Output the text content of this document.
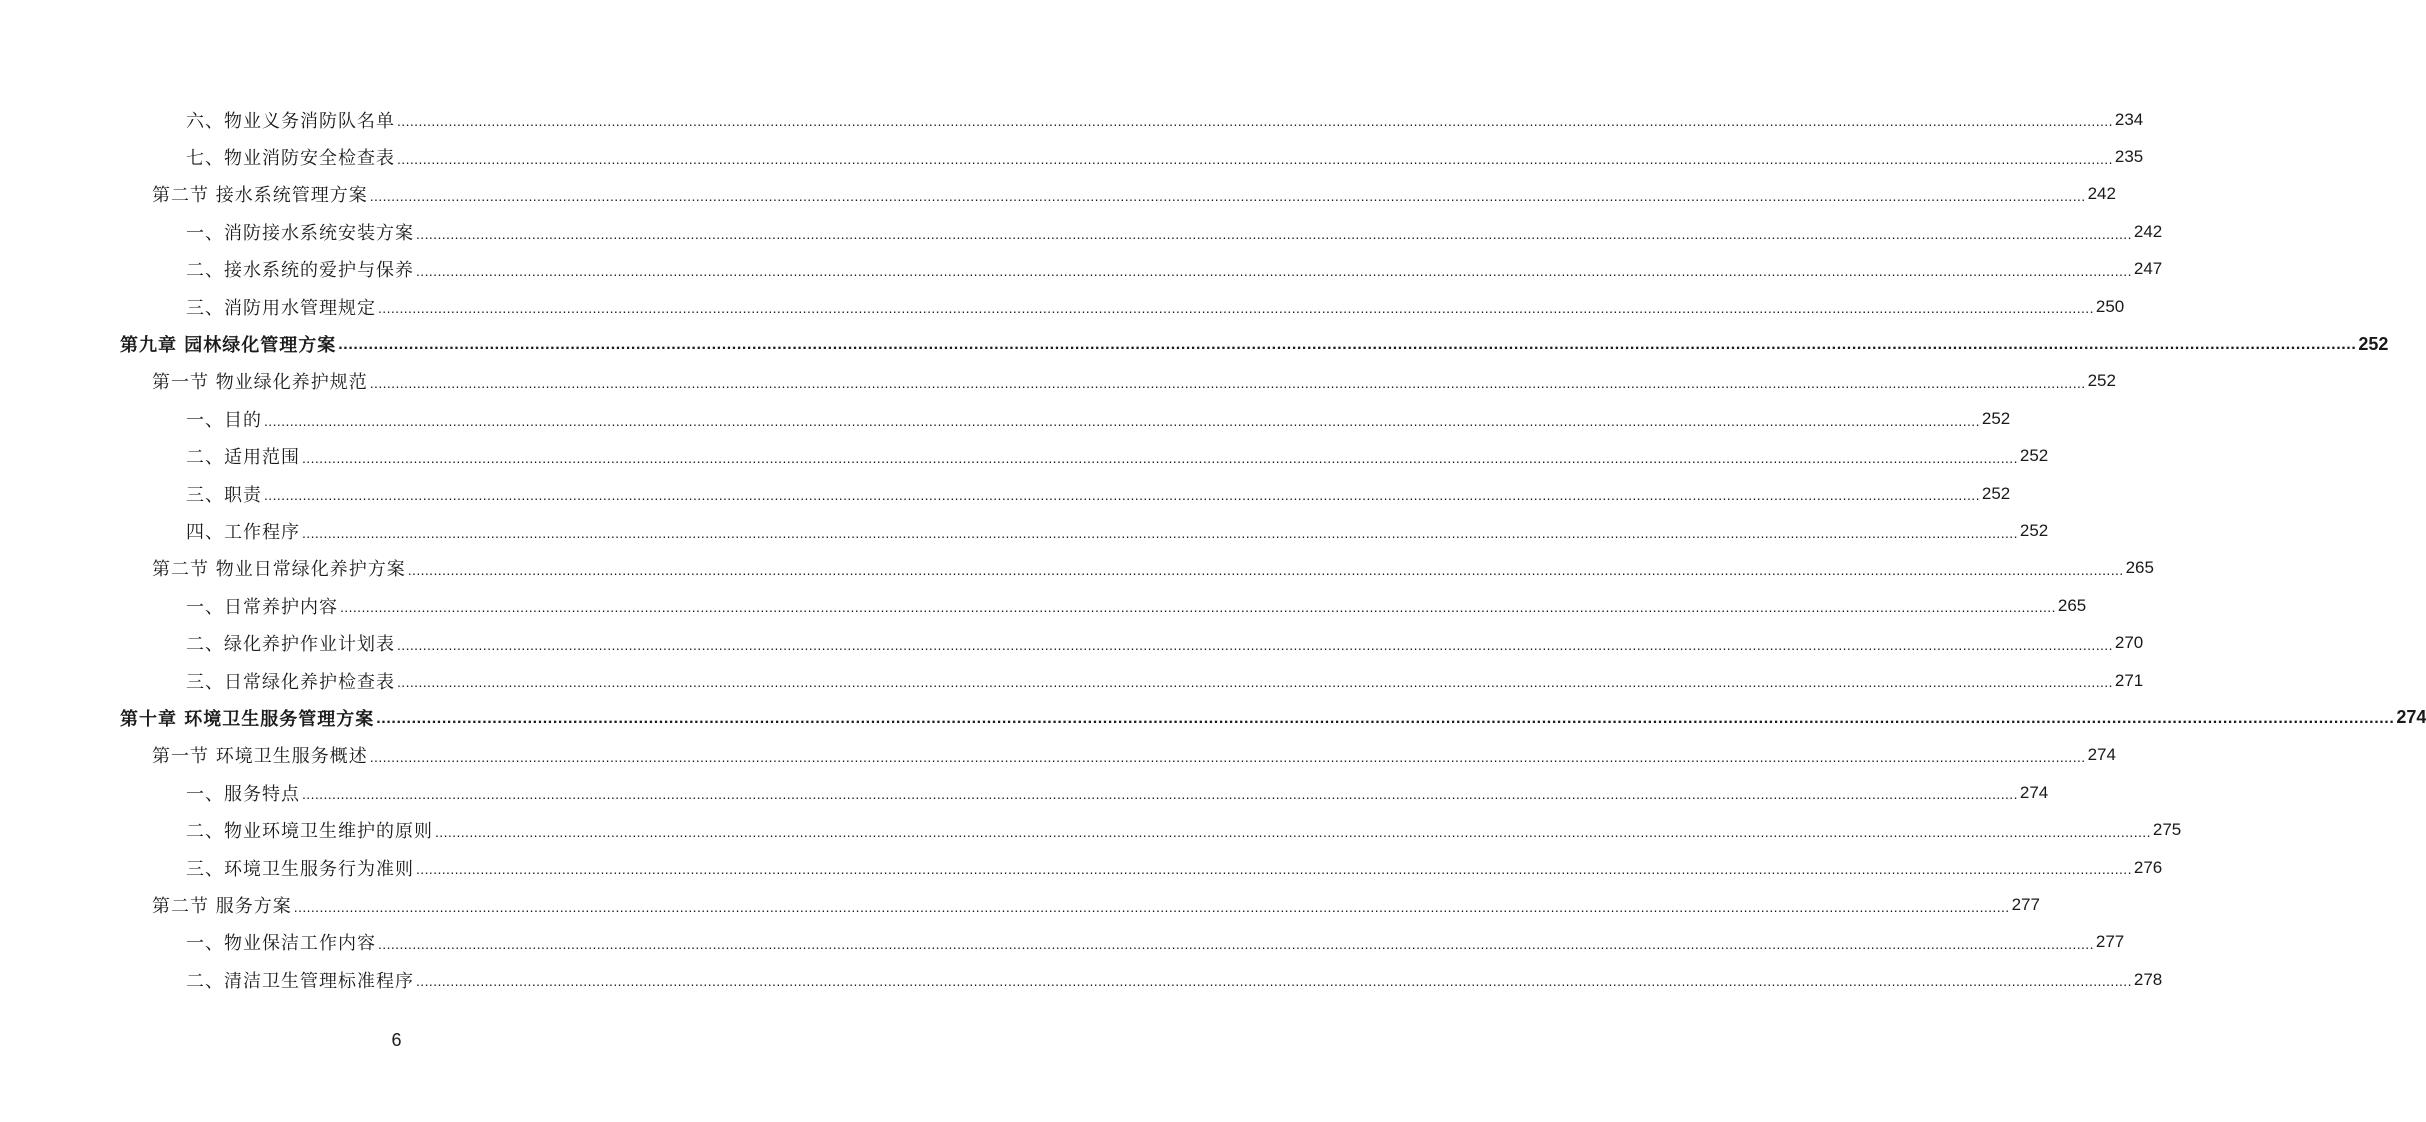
六、物业义务消防队名单 ................................................................................................................................................................................................................................................................................................................................................................................................................ 234
七、物业消防安全检查表 ................................................................................................................................................................................................................................................................................................................................................................................................................ 235
第二节 接水系统管理方案 ................................................................................................................................................................................................................................................................................................................................................................................................................ 242
一、消防接水系统安装方案 ................................................................................................................................................................................................................................................................................................................................................................................................................ 242
二、接水系统的爱护与保养 ................................................................................................................................................................................................................................................................................................................................................................................................................ 247
三、消防用水管理规定 ................................................................................................................................................................................................................................................................................................................................................................................................................ 250
第九章 园林绿化管理方案 ................................................................................................................................................................................................................................................................................................................................................................................................................ 252
第一节 物业绿化养护规范 ................................................................................................................................................................................................................................................................................................................................................................................................................ 252
一、目的 ................................................................................................................................................................................................................................................................................................................................................................................................................ 252
二、适用范围 ................................................................................................................................................................................................................................................................................................................................................................................................................ 252
三、职责 ................................................................................................................................................................................................................................................................................................................................................................................................................ 252
四、工作程序 ................................................................................................................................................................................................................................................................................................................................................................................................................ 252
第二节 物业日常绿化养护方案 ................................................................................................................................................................................................................................................................................................................................................................................................................ 265
一、日常养护内容 ................................................................................................................................................................................................................................................................................................................................................................................................................ 265
二、绿化养护作业计划表 ................................................................................................................................................................................................................................................................................................................................................................................................................ 270
三、日常绿化养护检查表 ................................................................................................................................................................................................................................................................................................................................................................................................................ 271
第十章 环境卫生服务管理方案 ................................................................................................................................................................................................................................................................................................................................................................................................................ 274
第一节 环境卫生服务概述 ................................................................................................................................................................................................................................................................................................................................................................................................................ 274
一、服务特点 ................................................................................................................................................................................................................................................................................................................................................................................................................ 274
二、物业环境卫生维护的原则 ................................................................................................................................................................................................................................................................................................................................................................................................................ 275
三、环境卫生服务行为准则 ................................................................................................................................................................................................................................................................................................................................................................................................................ 276
第二节 服务方案 ................................................................................................................................................................................................................................................................................................................................................................................................................ 277
一、物业保洁工作内容 ................................................................................................................................................................................................................................................................................................................................................................................................................ 277
二、清洁卫生管理标准程序 ................................................................................................................................................................................................................................................................................................................................................................................................................ 278
6
